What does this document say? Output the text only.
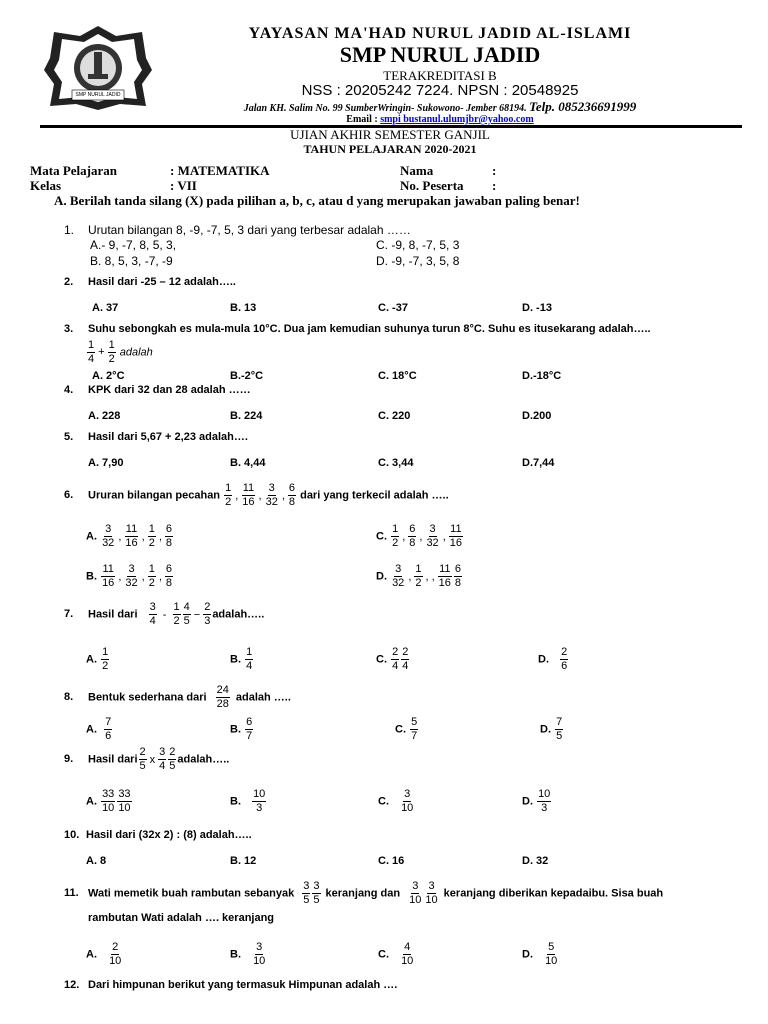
SMP NURUL JADID
YAYASAN MA'HAD NURUL JADID AL-ISLAMI
SMP NURUL JADID
TERAKREDITASI B
NSS : 20205242 7224. NPSN : 20548925
Jalan KH. Salim No. 99 SumberWringin- Sukowono- Jember 68194. Telp. 085236691999
Email : smpi bustanul.ulumjbr@yahoo.com
UJIAN AKHIR SEMESTER GANJIL
TAHUN PELAJARAN 2020-2021
Mata Pelajaran	: MATEMATIKA
Kelas	: VII
Nama	:
No. Peserta :
A. Berilah tanda silang (X) pada pilihan a, b, c, atau d yang merupakan jawaban paling benar!
1. Urutan bilangan 8, -9, -7, 5, 3 dari yang terbesar adalah ……
A.- 9, -7, 8, 5, 3,
B. 8, 5, 3, -7, -9
C. -9, 8, -7, 5, 3
D. -9, -7, 3, 5, 8
2. Hasil dari -25 – 12 adalah…..
A. 37	B. 13	C. -37	D. -13
3. Suhu sebongkah es mula-mula 10°C. Dua jam kemudian suhunya turun 8°C. Suhu es itusekarang adalah…..
$\frac{1}{4} + \frac{1}{2}$ adalah
A. 2°C	B.-2°C	C. 18°C	D.-18°C
4. KPK dari 32 dan 28 adalah ……
A. 228	B. 224	C. 220	D.200
5. Hasil dari 5,67 + 2,23 adalah….
A. 7,90	B. 4,44	C. 3,44	D.7,44
6. Ururan bilangan pecahan $\frac{1}{2}$ , $\frac{11}{16}$ , $\frac{3}{32}$ , $\frac{6}{8}$ dari yang terkecil adalah …..
A. $\frac{3}{32}$ , $\frac{11}{16}$ , $\frac{1}{2}$ , $\frac{6}{8}$
B. $\frac{11}{16}$ , $\frac{3}{32}$ , $\frac{1}{2}$ , $\frac{6}{8}$
C. $\frac{1}{2}$ , $\frac{6}{8}$ , $\frac{3}{32}$ , $\frac{11}{16}$
D. $\frac{3}{32}$ , $\frac{1}{2}$ , , $\frac{11}{16} \frac{6}{8}$
7. Hasil dari $\frac{3}{4} - \frac{1}{2} \frac{4}{5} - \frac{2}{3}$ adalah…..
A. $\frac{1}{2}$	B. $\frac{1}{4}$	C. $\frac{2}{4} \frac{2}{4}$	D. $\frac{2}{6}$
8. Bentuk sederhana dari $\frac{24}{28}$ adalah …..
A. $\frac{7}{6}$	B. $\frac{6}{7}$	C. $\frac{5}{7}$	D. $\frac{7}{5}$
9. Hasil dari $\frac{2}{5}$ x $\frac{3}{4} \frac{2}{5}$ adalah…..
A. $\frac{33}{10} \frac{33}{10}$	B. $\frac{10}{3}$	C. $\frac{3}{10}$	D. $\frac{10}{3}$
10. Hasil dari (32x 2) : (8) adalah…..
A. 8	B. 12	C. 16	D. 32
11. Wati memetik buah rambutan sebanyak $\frac{3}{5} \frac{3}{5}$ keranjang dan $\frac{3}{10} \frac{3}{10}$ keranjang diberikan kepadaibu. Sisa buah
rambutan Wati adalah …. keranjang
A. $\frac{2}{10}$	B. $\frac{3}{10}$	C. $\frac{4}{10}$	D. $\frac{5}{10}$
12. Dari himpunan berikut yang termasuk Himpunan adalah ….
